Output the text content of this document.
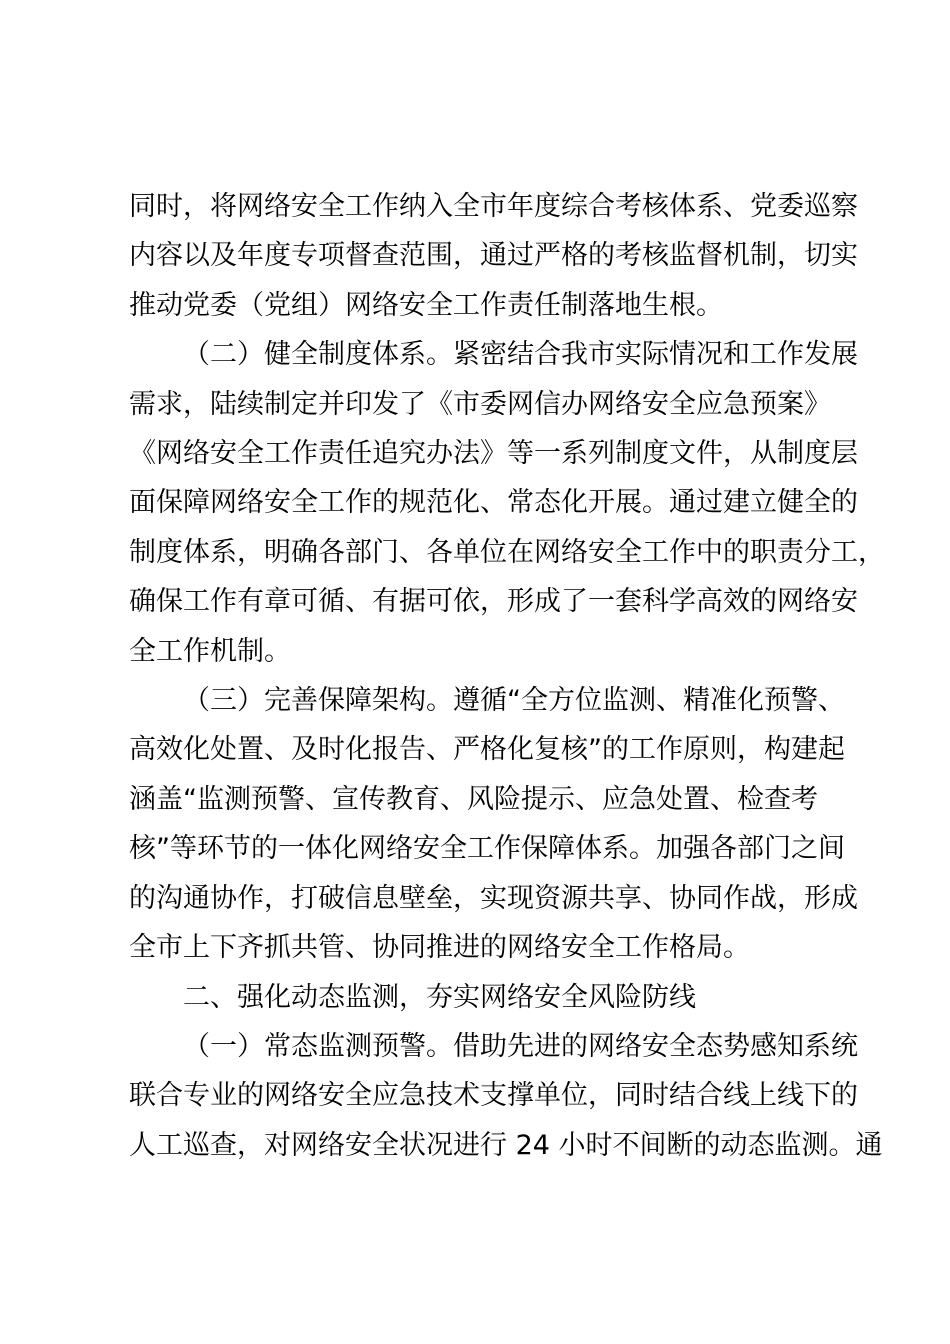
同时，将网络安全工作纳入全市年度综合考核体系、党委巡察
内容以及年度专项督查范围，通过严格的考核监督机制，切实
推动党委（党组）网络安全工作责任制落地生根。

（二）健全制度体系。紧密结合我市实际情况和工作发展
需求，陆续制定并印发了《市委网信办网络安全应急预案》
《网络安全工作责任追究办法》等一系列制度文件，从制度层
面保障网络安全工作的规范化、常态化开展。通过建立健全的
制度体系，明确各部门、各单位在网络安全工作中的职责分工，
确保工作有章可循、有据可依，形成了一套科学高效的网络安
全工作机制。

（三）完善保障架构。遵循“全方位监测、精准化预警、
高效化处置、及时化报告、严格化复核”的工作原则，构建起
涵盖“监测预警、宣传教育、风险提示、应急处置、检查考
核”等环节的一体化网络安全工作保障体系。加强各部门之间
的沟通协作，打破信息壁垒，实现资源共享、协同作战，形成
全市上下齐抓共管、协同推进的网络安全工作格局。

二、强化动态监测，夯实网络安全风险防线

（一）常态监测预警。借助先进的网络安全态势感知系统
联合专业的网络安全应急技术支撑单位，同时结合线上线下的
人工巡查，对网络安全状况进行 24 小时不间断的动态监测。通
